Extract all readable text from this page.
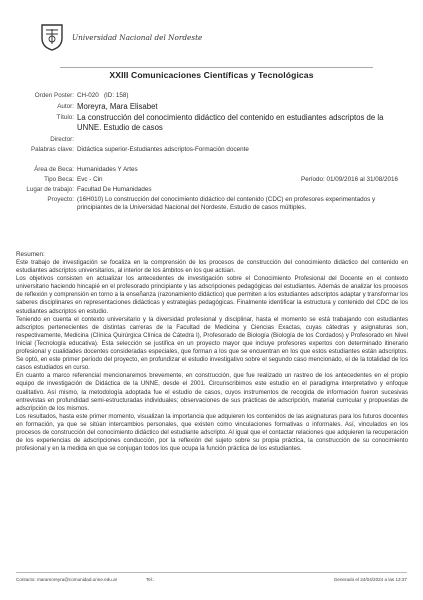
Universidad Nacional del Nordeste
XXIII Comunicaciones Científicas y Tecnológicas
Orden Poster: CH-020 (ID: 158)
Autor: Moreyra, Mara Elisabet
Título: La construcción del conocimiento didáctico del contenido en estudiantes adscriptos de la UNNE. Estudio de casos
Director:
Palabras clave: Didáctica superior-Estudiantes adscriptos-Formación docente
Área de Beca: Humanidades Y Artes
Tipo Beca: Evc - Cin	Período: 01/09/2016 al 31/08/2016
Lugar de trabajo: Facultad De Humanidades
Proyecto: (16H010) Lo construcción del conocimiento didáctico del contenido (CDC) en profesores experimentados y principiantes de la Universidad Nacional del Nordeste. Estudio de casos múltiples.
Resumen:

Este trabajo de investigación se focaliza en la comprensión de los procesos de construcción del conocimiento didáctico del contenido en estudiantes adscriptos universitarios, al interior de los ámbitos en los que actúan.

Los objetivos consisten en actualizar los antecedentes de investigación sobre el Conocimiento Profesional del Docente en el contexto universitario haciendo hincapié en el profesorado principiante y las adscripciones pedagógicas del estudiantes. Además de analizar los procesos de reflexión y comprensión en torno a la enseñanza (razonamiento didáctico) que permiten a los estudiantes adscriptos adaptar y transformar los saberes disciplinares en representaciones didácticas y estrategias pedagógicas. Finalmente identificar la estructura y contenido del CDC de los estudiantes adscriptos en estudio.

Teniendo en cuenta el contexto universitario y la diversidad profesional y disciplinar, hasta el momento se está trabajando con estudiantes adscriptos pertenecientes de distintas carreras de la Facultad de Medicina y Ciencias Exactas, cuyas cátedras y asignaturas son, respectivamente, Medicina (Clínica Quirúrgica Clínica de Cátedra I), Profesorado de Biología (Biología de los Cordados) y Profesorado en Nivel Inicial (Tecnología educativa). Esta selección se justifica en un proyecto mayor que incluye profesores expertos con determinado itinerario profesional y cualidades docentes consideradas especiales, que forman a los que se encuentran en los que estos estudiantes están adscriptos. Se optó, en este primer período del proyecto, en profundizar el estudio investigativo sobre el segundo caso mencionado, el de la totalidad de los casos estudiados en curso.

En cuanto a marco referencial mencionaremos brevemente, en construcción, que fue realizado un rastreo de los antecedentes en el propio equipo de investigación de Didáctica de la UNNE, desde el 2001. Circunscribimos este estudio en el paradigma interpretativo y enfoque cualitativo. Así mismo, la metodología adoptada fue el estudio de casos, cuyos instrumentos de recogida de información fueron sucesivas entrevistas en profundidad semi-estructuradas individuales; observaciones de sus prácticas de adscripción, material curricular y propuestas de adscripción de los mismos.

Los resultados, hasta este primer momento, visualizan la importancia que adquieren los contenidos de las asignaturas para los futuros docentes en formación, ya que se sitúan intercambios personales, que existen como vinculaciones formativas o informales. Así, vinculados en los procesos de construcción del conocimiento didáctico del estudiante adscripto. Al igual que el contactar relaciones que adquieren la recuperación de los experiencias de adscripciones conducción, por la reflexión del sujeto sobre su propia práctica, la construcción de su conocimiento profesional y en la medida en que se conjugan todos los que ocupa la función práctica de los estudiantes.

Contacto: maramoreyra@comunidad.unne.edu.ar	Tel.:	Generado el 24/04/2024 a las 13:37
